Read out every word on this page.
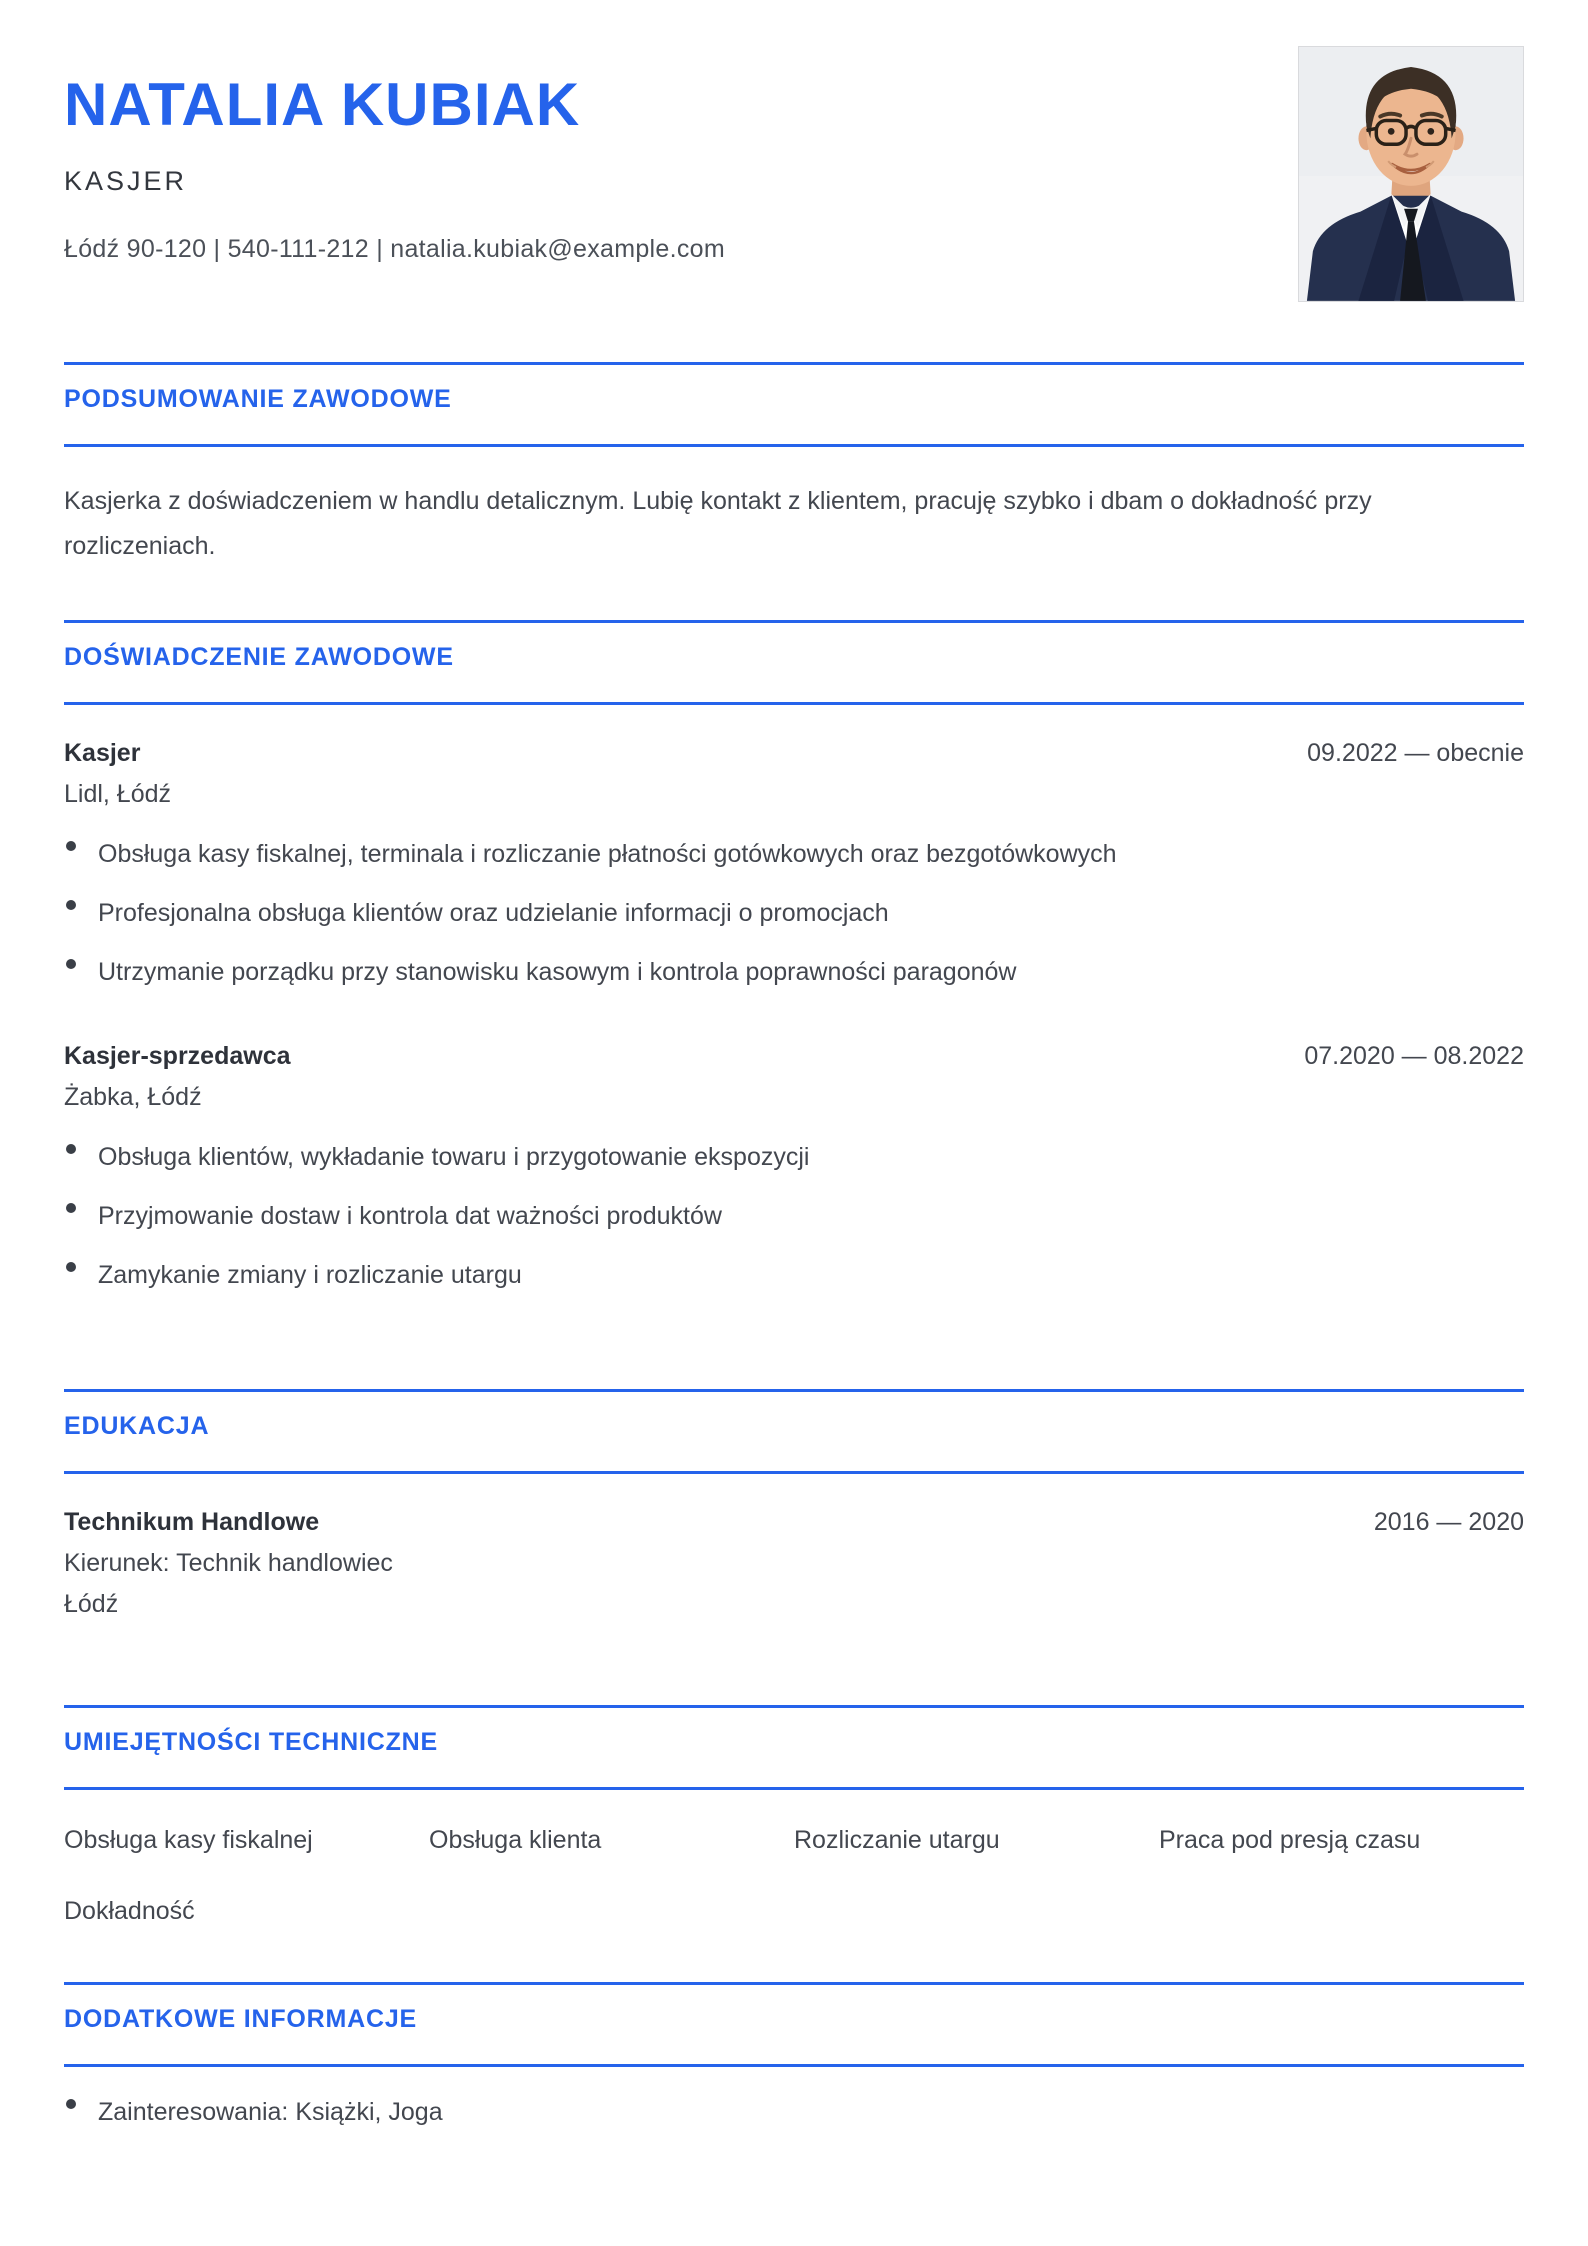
NATALIA KUBIAK
KASJER
Łódź 90-120 | 540-111-212 | natalia.kubiak@example.com
PODSUMOWANIE ZAWODOWE

Kasjerka z doświadczeniem w handlu detalicznym. Lubię kontakt z klientem, pracuję szybko i dbam o dokładność przy rozliczeniach.

DOŚWIADCZENIE ZAWODOWE
Kasjer	09.2022 — obecnie
Lidl, Łódź
Obsługa kasy fiskalnej, terminala i rozliczanie płatności gotówkowych oraz bezgotówkowych
Profesjonalna obsługa klientów oraz udzielanie informacji o promocjach
Utrzymanie porządku przy stanowisku kasowym i kontrola poprawności paragonów
Kasjer-sprzedawca	07.2020 — 08.2022
Żabka, Łódź
Obsługa klientów, wykładanie towaru i przygotowanie ekspozycji
Przyjmowanie dostaw i kontrola dat ważności produktów
Zamykanie zmiany i rozliczanie utargu
EDUKACJA
Technikum Handlowe	2016 — 2020
Kierunek: Technik handlowiec
Łódź
UMIEJĘTNOŚCI TECHNICZNE
Obsługa kasy fiskalnej	Obsługa klienta	Rozliczanie utargu	Praca pod presją czasu
Dokładność
DODATKOWE INFORMACJE
Zainteresowania: Książki, Joga
